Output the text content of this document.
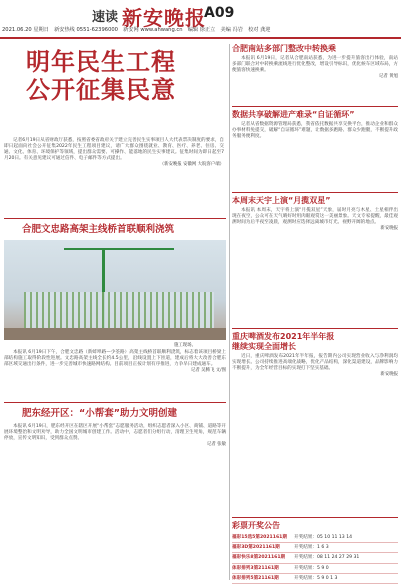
速读 新安晚报
A09
2021.06.20 星期日　新安热线 0551-62396000　新安网 www.ahwang.cn　编辑 徐正立　美编 冯岩　校对 龚迎
明年民生工程
公开征集民意

记者6月19日从省财政厅获悉，按照省委省政府关于建立完善民生实事项目人大代表票决制度的要求，自即日起面向社会公开征集2022年民生工程项目建议，请广大群众围绕就业、教育、医疗、养老、住房、交通、文化、体育、环境保护等领域，提出群众需要、可操作、能落地的民生实事建议。征集时间为即日起至7月20日。有关意见建议可通过信件、电子邮件等方式提出。

（新安晚报 安徽网 大皖客户端）
合肥文忠路高架主线桥首联顺利浇筑
施工现场。

本报讯 6月19日下午，合肥文忠路（新蚌埠路—少荃路）高架主线桥首联顺利浇筑，标志着该项目桥梁上部结构施工取得阶段性进展。文忠路高架主线全长约4.5公里，沿线设置上下匝道，建成后将大大改善合肥东部区域交通出行条件，进一步完善城市快速路网结构。目前项目正按计划有序推进，力争早日建成通车。

记者 吴腾飞 文/图
肥东经开区：“小帮套”助力文明创建

本报讯 6月19日，肥东经开区在辖区开展“小帮套”志愿服务活动，组织志愿者深入小区、商铺、道路等开展环境整治和文明劝导，助力全国文明城市创建工作。活动中，志愿者们分组行动，清理卫生死角，规范车辆停放，宣传文明知识，受到群众点赞。

记者 张敏
合肥南站多部门整改中转换乘

本报讯 6月19日，记者从合肥南站获悉，为进一步提升旅客出行体验，南站多部门联合对中转换乘流线进行优化整改，增设引导标识，优化候车区域布局，方便旅客快速换乘。

记者 黄旭
数据共享破解进产难录“自证循环”

记者从省数据资源管理局获悉，我省依托数据共享交换平台，推动企业和群众办事材料免提交，破解“自证循环”难题，让数据多跑路、群众少跑腿，不断提升政务服务便利度。

本周末天宇上演“月揽双星”

本报讯 本周末，天宇将上演“月揽双星”天象，届时月亮与木星、土星相伴出现在夜空，公众可在天气晴好时用肉眼观赏这一美丽景象。天文专家提醒，最佳观测时间为后半夜至凌晨，观测时应选择远离城市灯光、视野开阔的地点。

新安晚报
重庆啤酒发布2021年半年报
继续实现全面增长

近日，重庆啤酒发布2021年半年报，报告期内公司实现营业收入与净利润均实现增长。公司持续推进高端化战略，优化产品结构，深化渠道建设，品牌影响力不断提升，为全年经营目标的实现打下坚实基础。

新安晚报
彩票开奖公告
福彩15选5第2021161期	开奖结果：05 10 11 13 14
福彩3D第2021161期	开奖结果：1 6 3
福彩快乐8第2021161期	开奖结果：08 11 24 27 29 31
体彩排列3第21161期	开奖结果：5 9 0
体彩排列5第21161期	开奖结果：5 9 0 1 3
